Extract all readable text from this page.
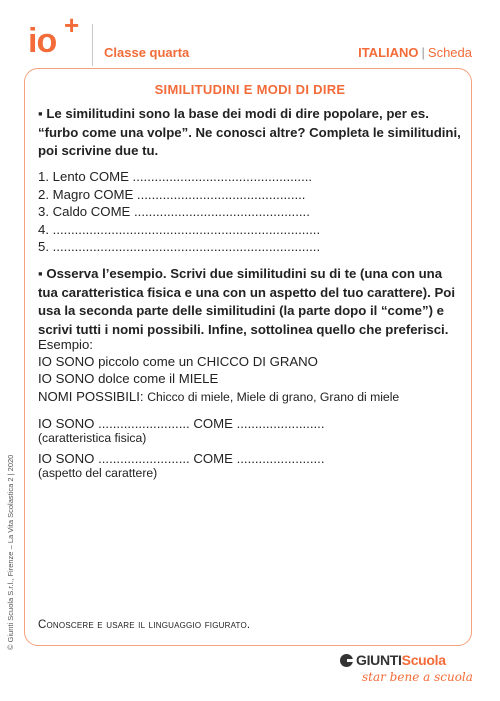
io +
Classe quarta	ITALIANO | Scheda
SIMILITUDINI E MODI DI DIRE
▪ Le similitudini sono la base dei modi di dire popolare, per es. “furbo come una volpe”. Ne conosci altre? Completa le similitudini, poi scrivine due tu.
1. Lento COME .................................................
2. Magro COME ..............................................
3. Caldo COME ................................................
4. .........................................................................
5. .........................................................................
▪ Osserva l’esempio. Scrivi due similitudini su di te (una con una tua caratteristica fisica e una con un aspetto del tuo carattere). Poi usa la seconda parte delle similitudini (la parte dopo il “come”) e scrivi tutti i nomi possibili. Infine, sottolinea quello che preferisci.
Esempio:
IO SONO piccolo come un CHICCO DI GRANO
IO SONO dolce come il MIELE
NOMI POSSIBILI: Chicco di miele, Miele di grano, Grano di miele
IO SONO ......................... COME ........................
(caratteristica fisica)
IO SONO ......................... COME ........................
(aspetto del carattere)
Conoscere e usare il linguaggio figurato.
© Giunti Scuola S.r.l., Firenze – La Vita Scolastica 2 | 2020
GIUNTIScuola
star bene a scuola
